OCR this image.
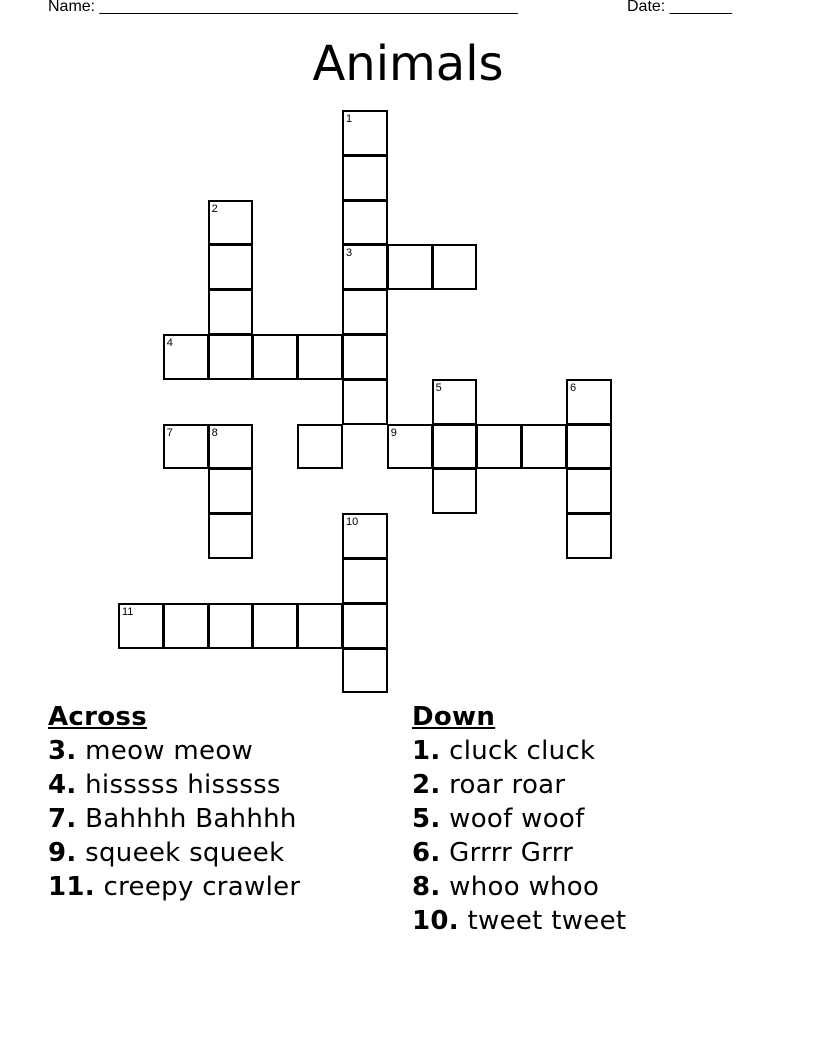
Name: _______________________________________________	Date: _______
Animals
1
3
2
4
5	6
7	9
8
10
11
Across
3. meow meow
4. hisssss hisssss
7. Bahhhh Bahhhh
9. squeek squeek
11. creepy crawler
Down
1. cluck cluck
2. roar roar
5. woof woof
6. Grrrr Grrr
8. whoo whoo
10. tweet tweet
